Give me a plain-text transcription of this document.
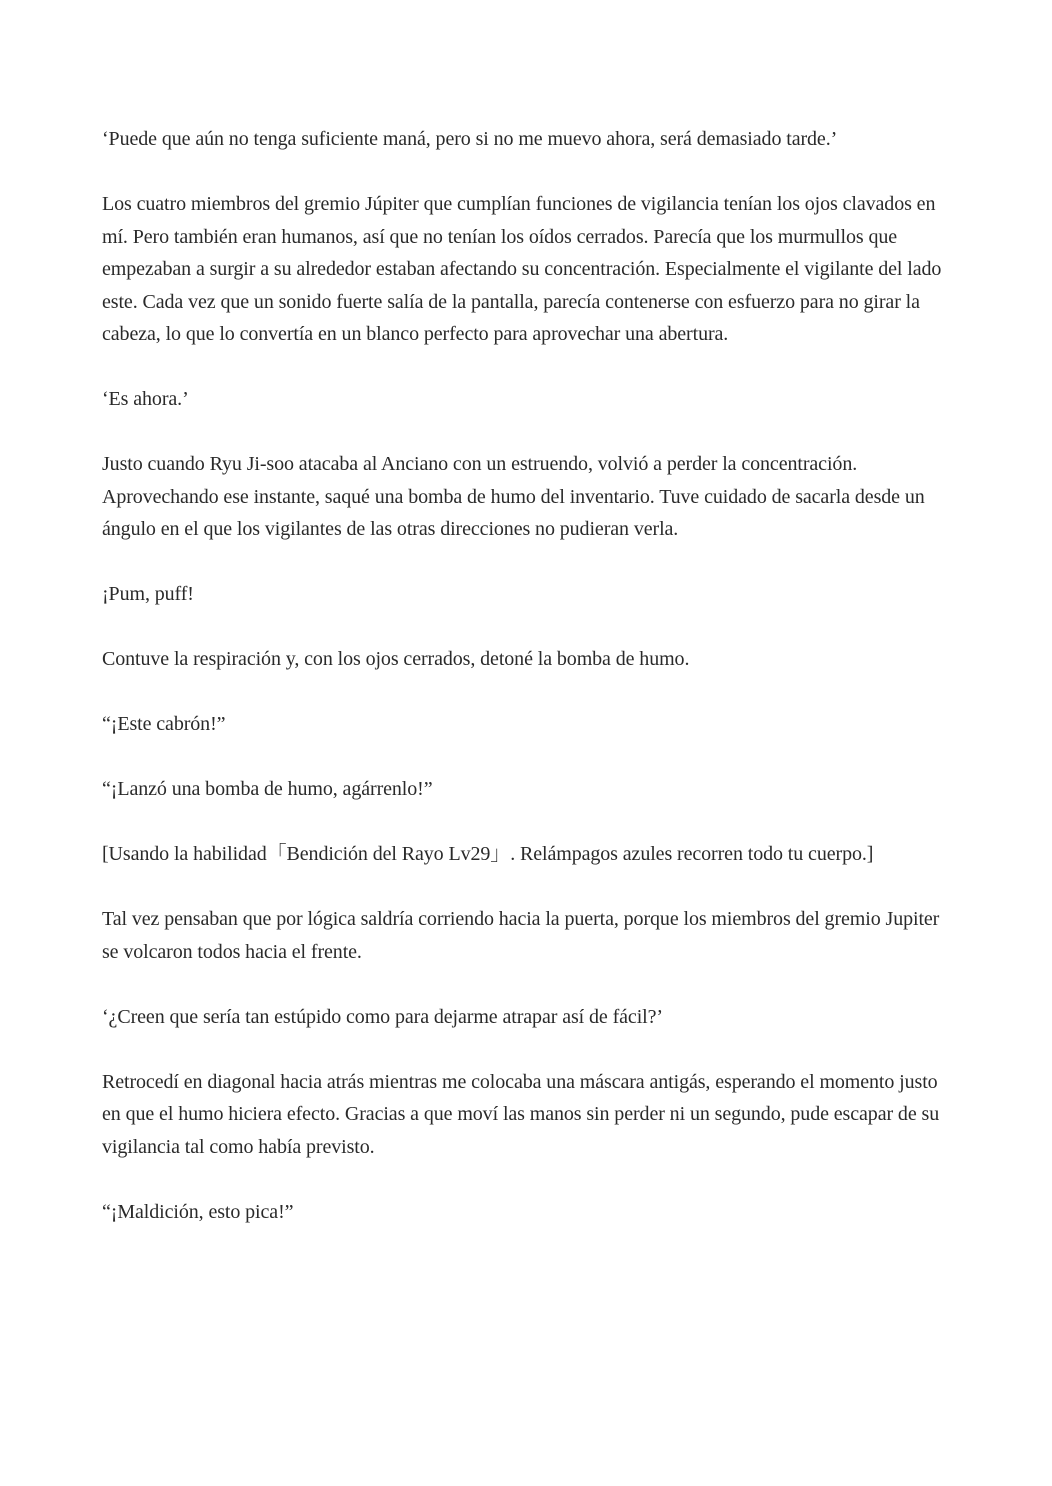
‘Puede que aún no tenga suficiente maná, pero si no me muevo ahora, será demasiado tarde.’

Los cuatro miembros del gremio Júpiter que cumplían funciones de vigilancia tenían los ojos clavados en mí. Pero también eran humanos, así que no tenían los oídos cerrados. Parecía que los murmullos que empezaban a surgir a su alrededor estaban afectando su concentración. Especialmente el vigilante del lado este. Cada vez que un sonido fuerte salía de la pantalla, parecía contenerse con esfuerzo para no girar la cabeza, lo que lo convertía en un blanco perfecto para aprovechar una abertura.

‘Es ahora.’

Justo cuando Ryu Ji-soo atacaba al Anciano con un estruendo, volvió a perder la concentración. Aprovechando ese instante, saqué una bomba de humo del inventario. Tuve cuidado de sacarla desde un ángulo en el que los vigilantes de las otras direcciones no pudieran verla.

¡Pum, puff!

Contuve la respiración y, con los ojos cerrados, detoné la bomba de humo.

“¡Este cabrón!”

“¡Lanzó una bomba de humo, agárrenlo!”

[Usando la habilidad「Bendición del Rayo Lv29」. Relámpagos azules recorren todo tu cuerpo.]

Tal vez pensaban que por lógica saldría corriendo hacia la puerta, porque los miembros del gremio Jupiter se volcaron todos hacia el frente.

‘¿Creen que sería tan estúpido como para dejarme atrapar así de fácil?’

Retrocedí en diagonal hacia atrás mientras me colocaba una máscara antigás, esperando el momento justo en que el humo hiciera efecto. Gracias a que moví las manos sin perder ni un segundo, pude escapar de su vigilancia tal como había previsto.

“¡Maldición, esto pica!”
